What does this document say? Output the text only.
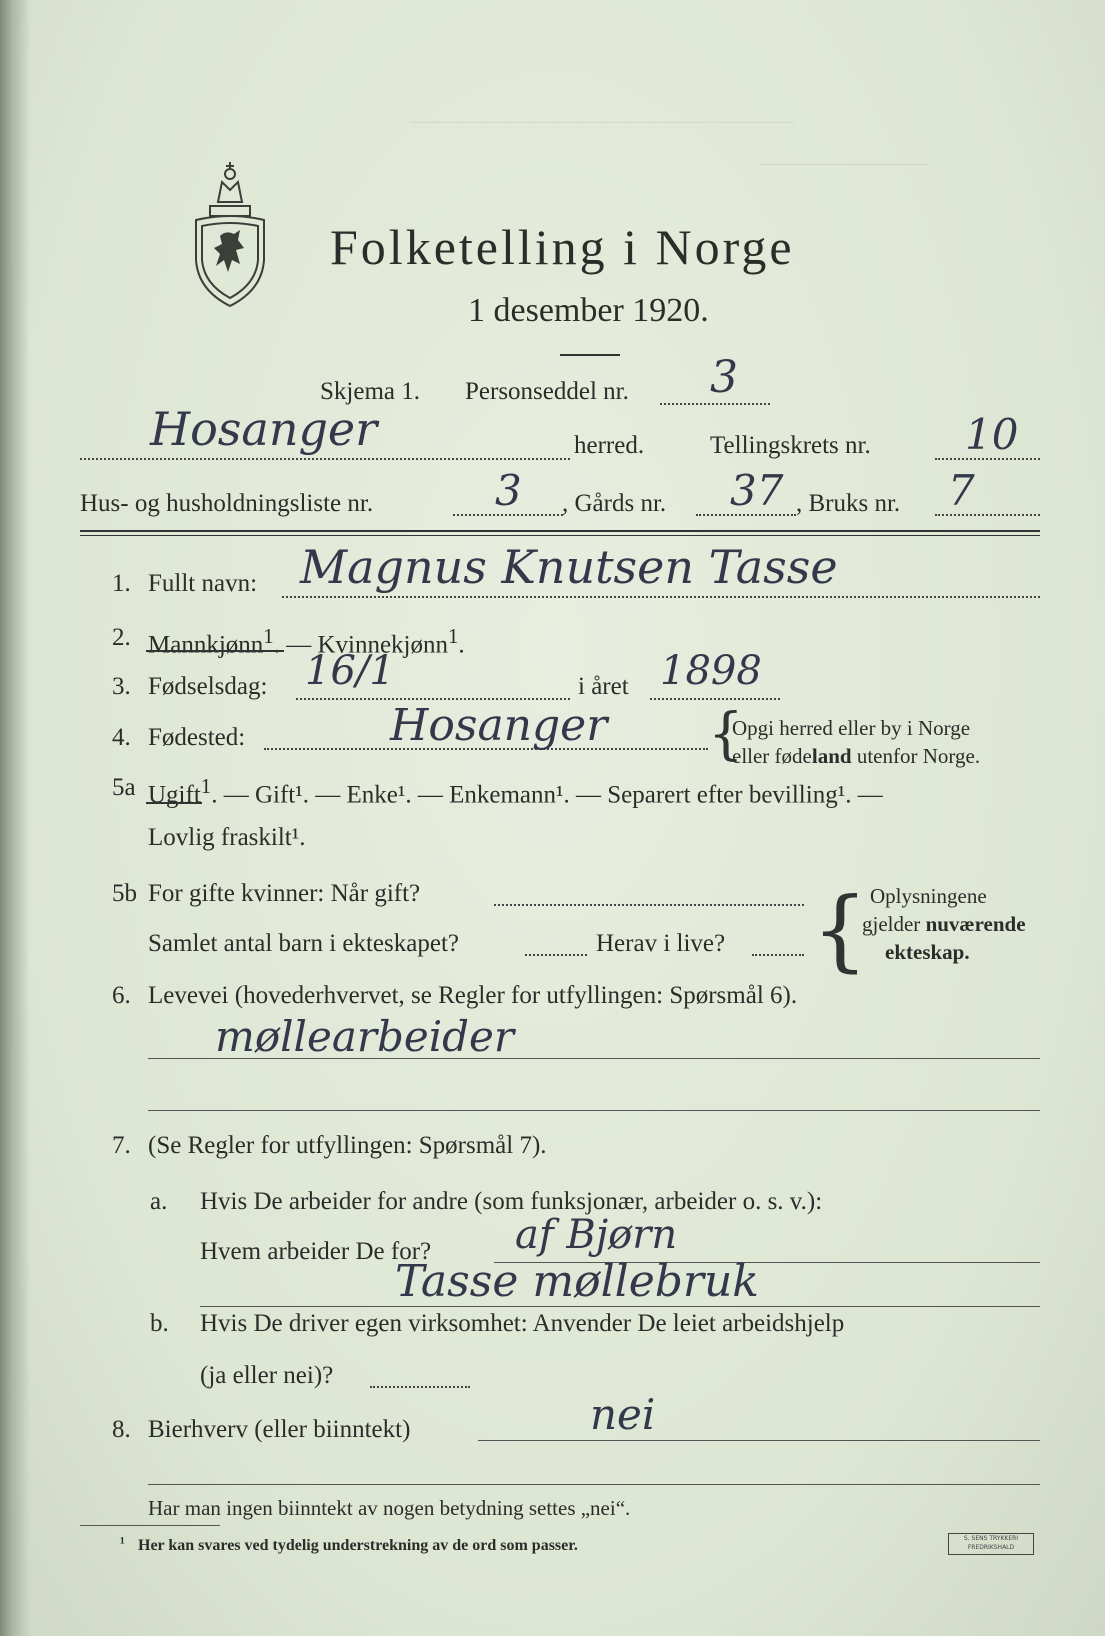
————————————————
———————
Folketelling i Norge
1 desember 1920.
Skjema 1. Personseddel nr. 3
Hosanger	herred.	Tellingskrets nr. 10
Hus- og husholdningsliste nr.	3 , Gårds nr. 37 , Bruks nr. 7
1. Fullt navn: Magnus Knutsen Tasse
2. Mannkjønn$^1$. — Kvinnekjønn$^1$.
3. Fødselsdag: 16/1	i året 1898
4. Fødested:	Hosanger {
Opgi herred eller by i Norge
eller fødeland utenfor Norge.
5a Ugift$^1$. — Gift¹. — Enke¹. — Enkemann¹. — Separert efter bevilling¹. —
Lovlig fraskilt¹.
5b For gifte kvinner: Når gift?
Samlet antal barn i ekteskapet?	Herav i live? { Oplysningene
gjelder nuværende
ekteskap.
6. Levevei (hovederhvervet, se Regler for utfyllingen: Spørsmål 6).
møllearbeider
7. (Se Regler for utfyllingen: Spørsmål 7).
a. Hvis De arbeider for andre (som funksjonær, arbeider o. s. v.):
Hvem arbeider De for? af Bjørn
Tasse møllebruk
b. Hvis De driver egen virksomhet: Anvender De leiet arbeidshjelp
(ja eller nei)?
8. Bierhverv (eller biinntekt)	nei
Har man ingen biinntekt av nogen betydning settes „nei“.
¹ Her kan svares ved tydelig understrekning av de ord som passer.	S. SENS TRYKKERI
FREDRIKSHALD
